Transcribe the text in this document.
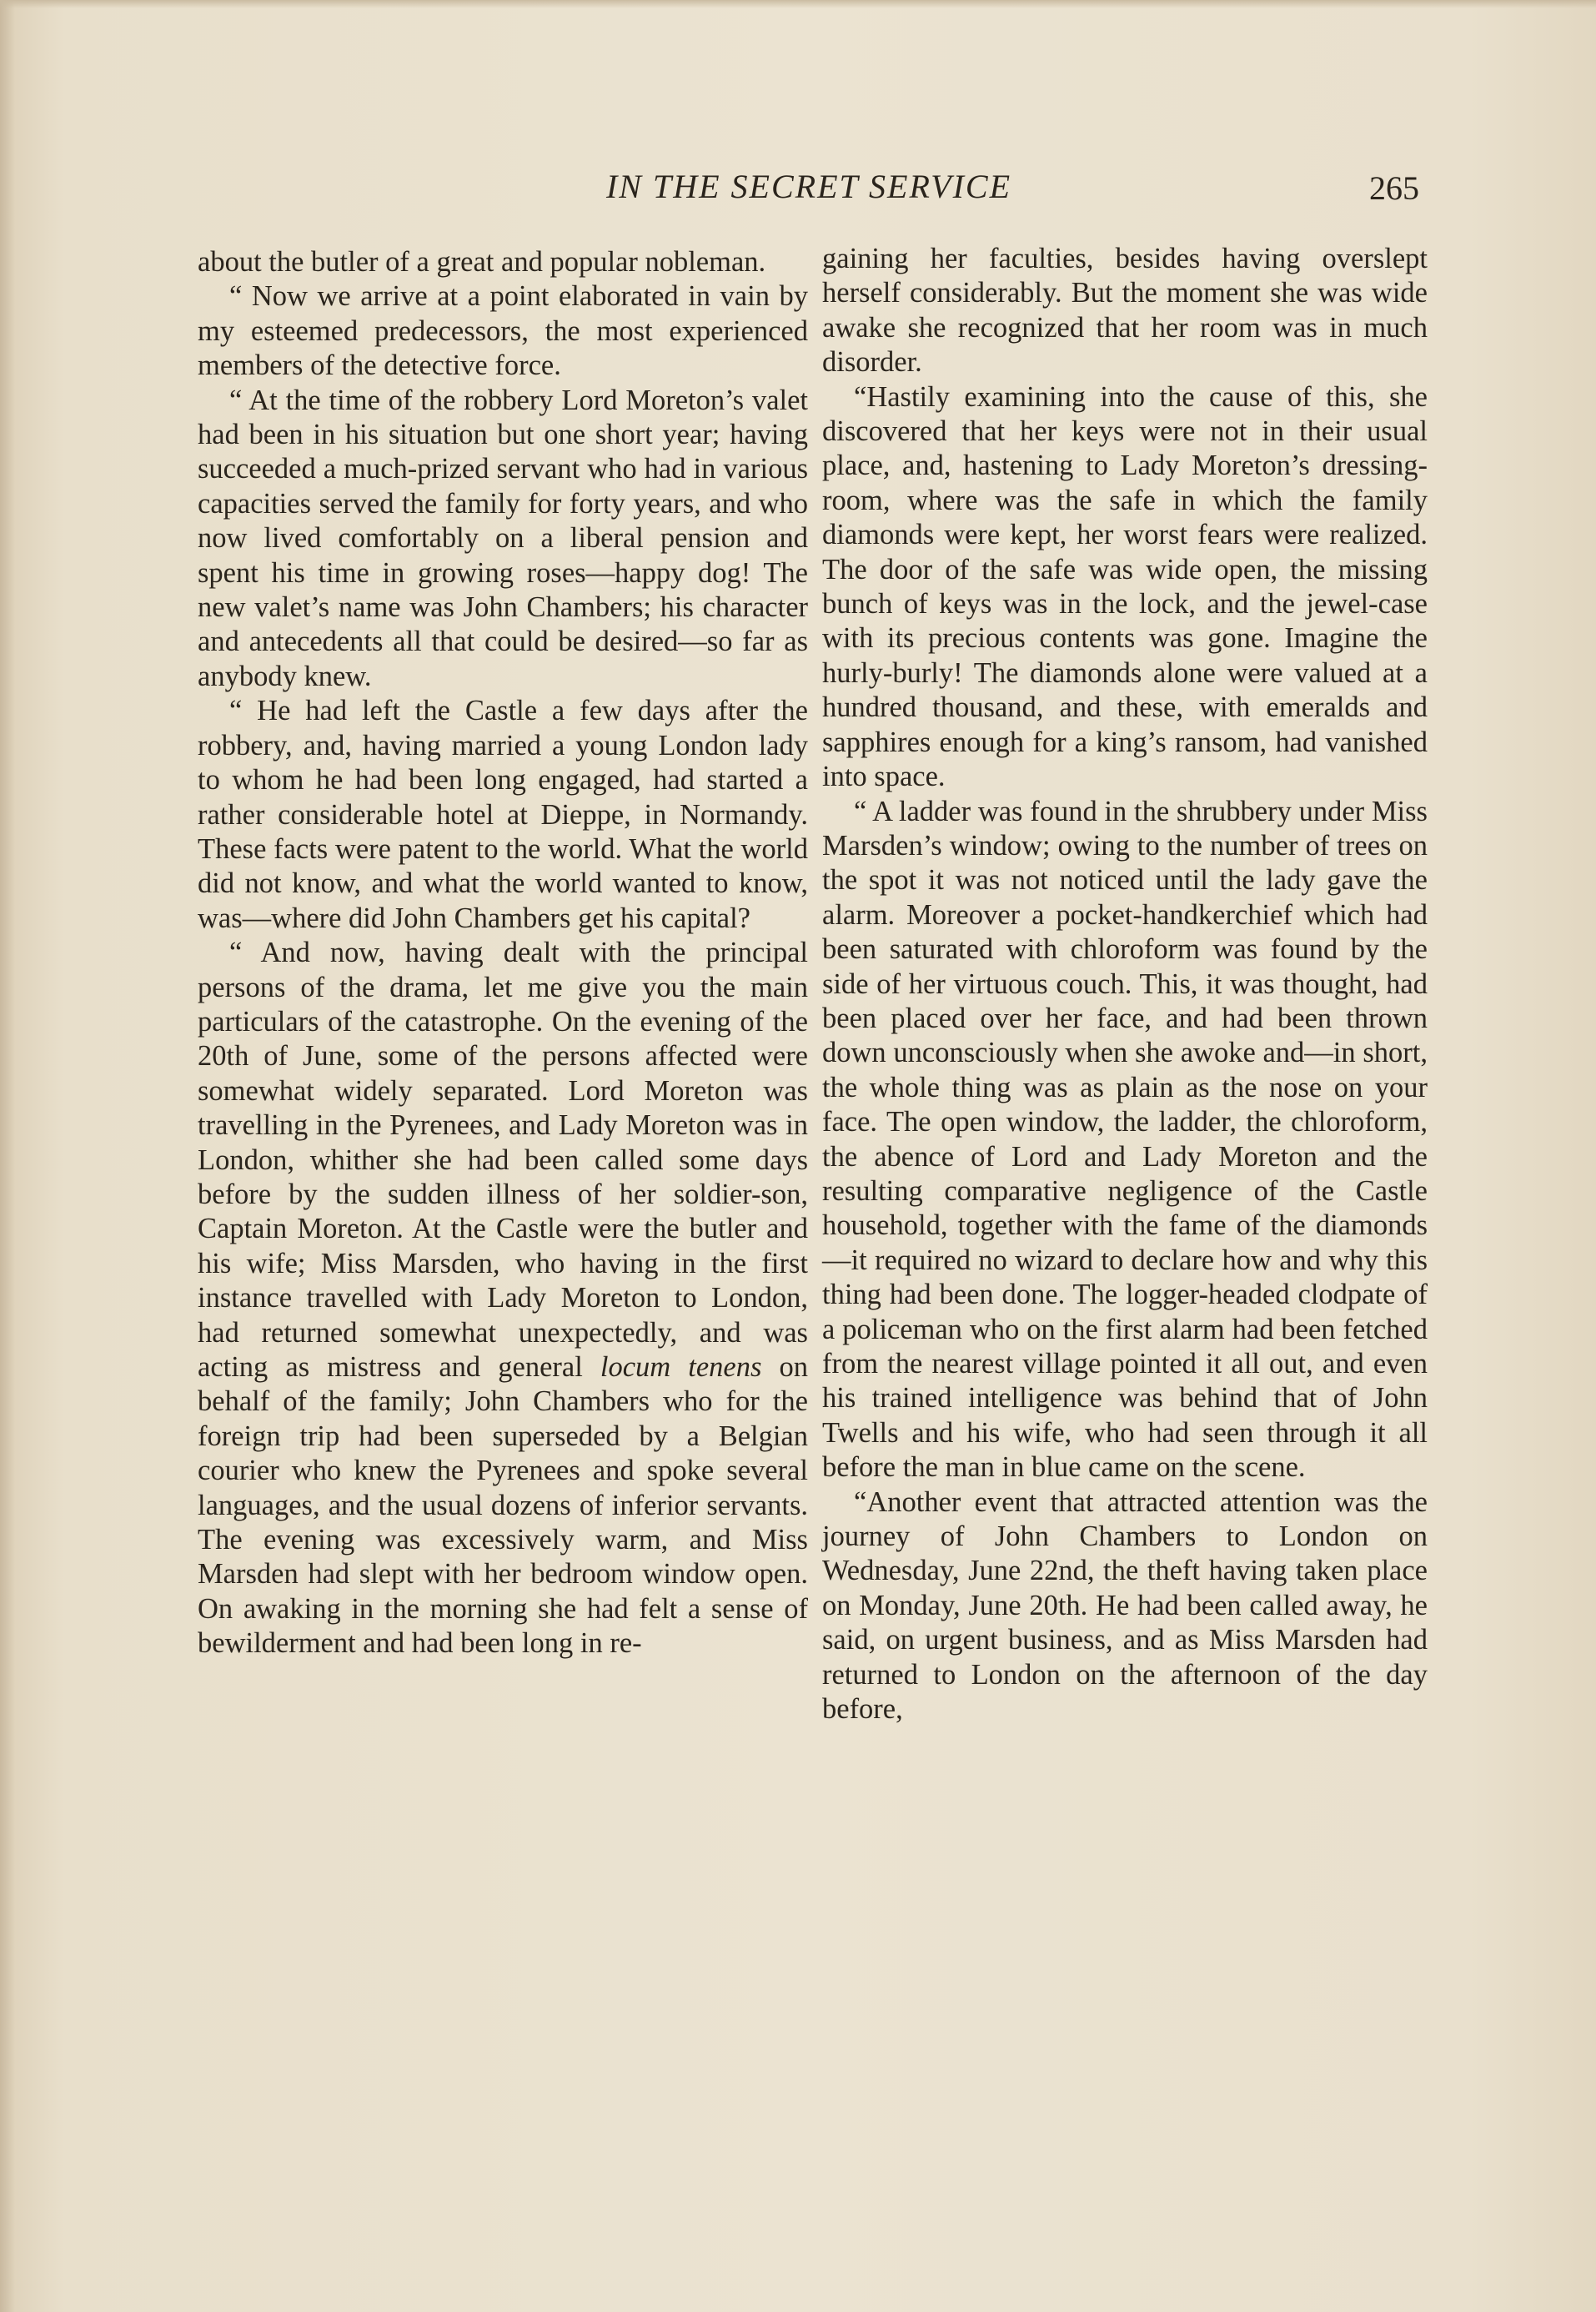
IN THE SECRET SERVICE	265

about the butler of a great and popular nobleman.

“ Now we arrive at a point elaborated in vain by my esteemed predecessors, the most experienced members of the detective force.

“ At the time of the robbery Lord Moreton’s valet had been in his situation but one short year; having succeeded a much-prized servant who had in various capacities served the family for forty years, and who now lived comfortably on a liberal pension and spent his time in growing roses—happy dog! The new valet’s name was John Chambers; his character and antecedents all that could be desired—so far as anybody knew.

“ He had left the Castle a few days after the robbery, and, having married a young London lady to whom he had been long engaged, had started a rather considerable hotel at Dieppe, in Normandy. These facts were patent to the world. What the world did not know, and what the world wanted to know, was—where did John Chambers get his capital?

“ And now, having dealt with the principal persons of the drama, let me give you the main particulars of the catastrophe. On the evening of the 20th of June, some of the persons affected were somewhat widely separated. Lord Moreton was travelling in the Pyrenees, and Lady Moreton was in London, whither she had been called some days before by the sudden illness of her soldier-son, Captain Moreton. At the Castle were the butler and his wife; Miss Marsden, who having in the first instance travelled with Lady Moreton to London, had returned somewhat unexpectedly, and was acting as mistress and general locum tenens on behalf of the family; John Chambers who for the foreign trip had been superseded by a Belgian courier who knew the Pyrenees and spoke several languages, and the usual dozens of inferior servants. The evening was excessively warm, and Miss Marsden had slept with her bedroom window open. On awaking in the morning she had felt a sense of bewilderment and had been long in re-

gaining her faculties, besides having overslept herself considerably. But the moment she was wide awake she recognized that her room was in much disorder.

“Hastily examining into the cause of this, she discovered that her keys were not in their usual place, and, hastening to Lady Moreton’s dressing-room, where was the safe in which the family diamonds were kept, her worst fears were realized. The door of the safe was wide open, the missing bunch of keys was in the lock, and the jewel-case with its precious contents was gone. Imagine the hurly-burly! The diamonds alone were valued at a hundred thousand, and these, with emeralds and sapphires enough for a king’s ransom, had vanished into space.

“ A ladder was found in the shrubbery under Miss Marsden’s window; owing to the number of trees on the spot it was not noticed until the lady gave the alarm. Moreover a pocket-handkerchief which had been saturated with chloroform was found by the side of her virtuous couch. This, it was thought, had been placed over her face, and had been thrown down unconsciously when she awoke and—in short, the whole thing was as plain as the nose on your face. The open window, the ladder, the chloroform, the abence of Lord and Lady Moreton and the resulting comparative negligence of the Castle household, together with the fame of the diamonds—it required no wizard to declare how and why this thing had been done. The logger-headed clodpate of a policeman who on the first alarm had been fetched from the nearest village pointed it all out, and even his trained intelligence was behind that of John Twells and his wife, who had seen through it all before the man in blue came on the scene.

“Another event that attracted attention was the journey of John Chambers to London on Wednesday, June 22nd, the theft having taken place on Monday, June 20th. He had been called away, he said, on urgent business, and as Miss Marsden had returned to London on the afternoon of the day before,
